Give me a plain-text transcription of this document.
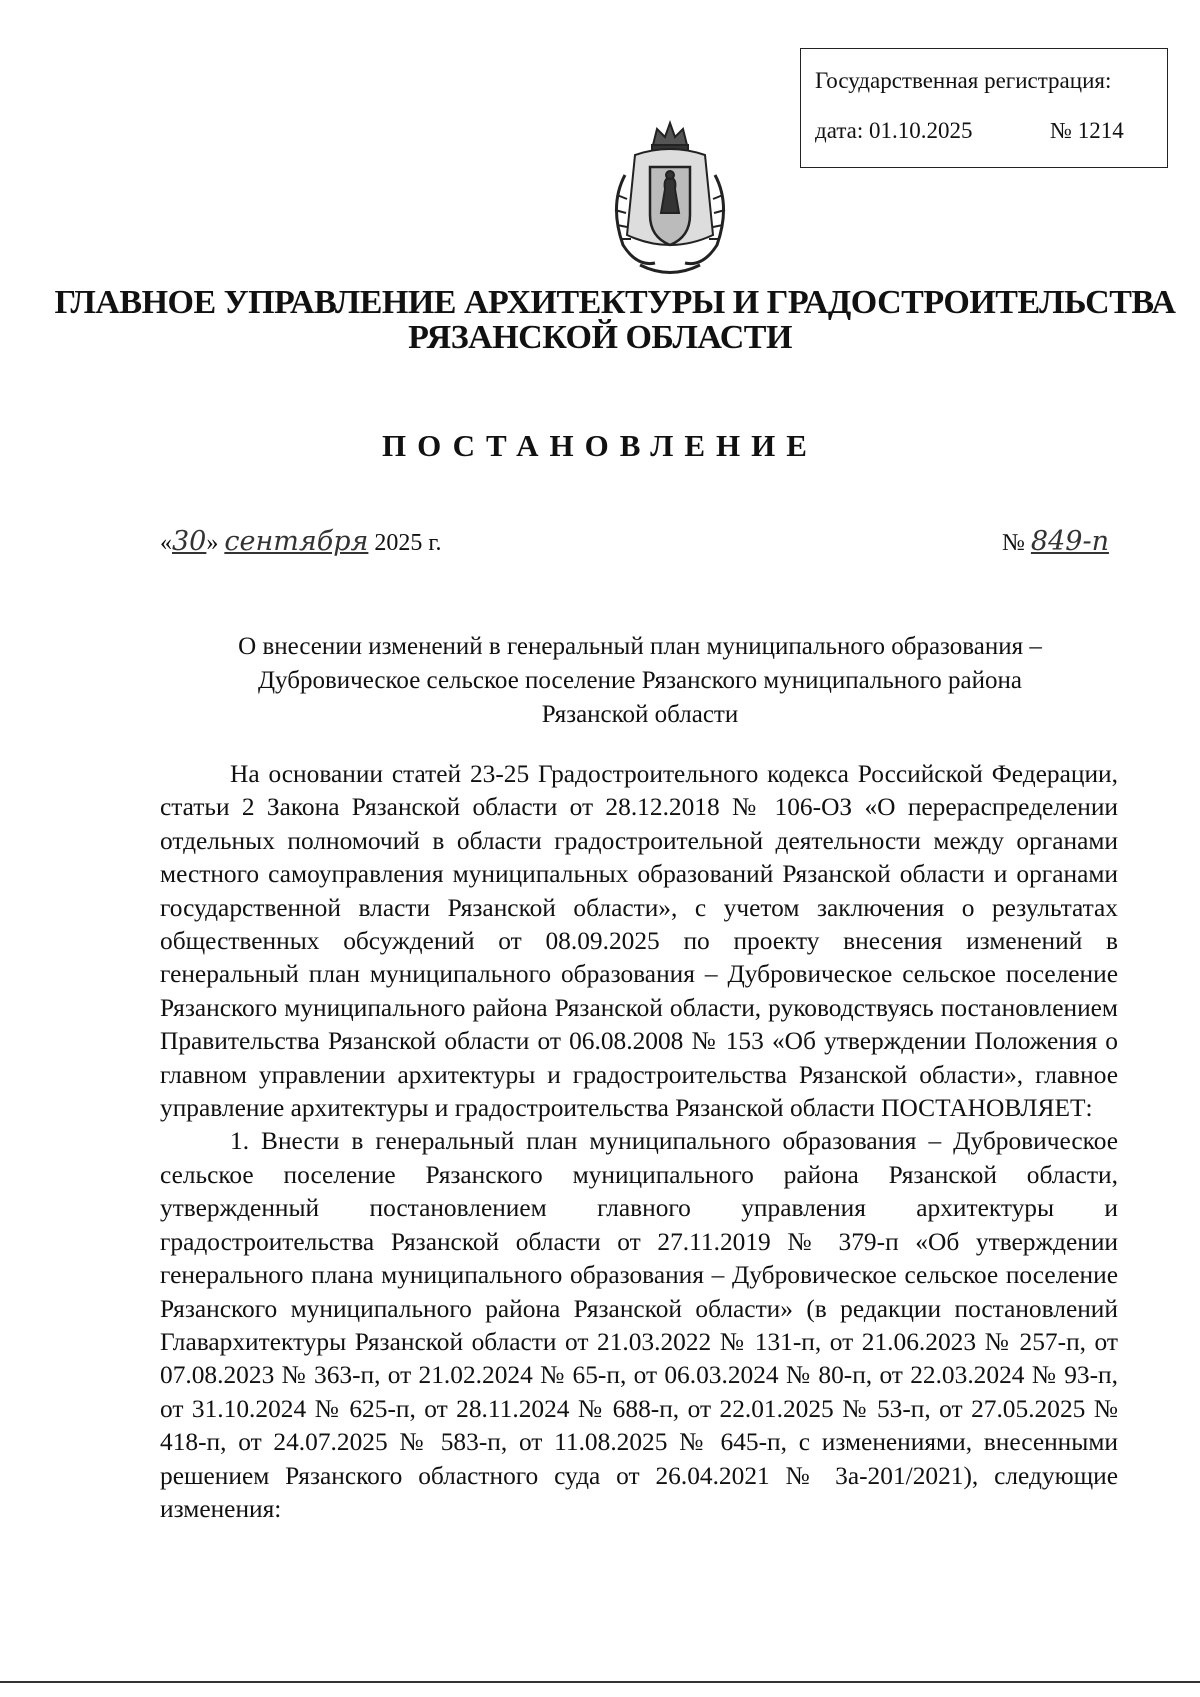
Государственная регистрация:
дата: 01.10.2025	№ 1214
ГЛАВНОЕ УПРАВЛЕНИЕ АРХИТЕКТУРЫ И ГРАДОСТРОИТЕЛЬСТВА
РЯЗАНСКОЙ ОБЛАСТИ
ПОСТАНОВЛЕНИЕ
«30» сентября 2025 г.	№ 849-п
О внесении изменений в генеральный план муниципального образования –
Дубровическое сельское поселение Рязанского муниципального района
Рязанской области

На основании статей 23-25 Градостроительного кодекса Российской Федерации, статьи 2 Закона Рязанской области от 28.12.2018 № 106-ОЗ «О перераспределении отдельных полномочий в области градостроительной деятельности между органами местного самоуправления муниципальных образований Рязанской области и органами государственной власти Рязанской области», с учетом заключения о результатах общественных обсуждений от 08.09.2025 по проекту внесения изменений в генеральный план муниципального образования – Дубровическое сельское поселение Рязанского муниципального района Рязанской области, руководствуясь постановлением Правительства Рязанской области от 06.08.2008 № 153 «Об утверждении Положения о главном управлении архитектуры и градостроительства Рязанской области», главное управление архитектуры и градостроительства Рязанской области ПОСТАНОВЛЯЕТ:

1. Внести в генеральный план муниципального образования – Дубровическое сельское поселение Рязанского муниципального района Рязанской области, утвержденный постановлением главного управления архитектуры и градостроительства Рязанской области от 27.11.2019 № 379-п «Об утверждении генерального плана муниципального образования – Дубровическое сельское поселение Рязанского муниципального района Рязанской области» (в редакции постановлений Главархитектуры Рязанской области от 21.03.2022 № 131-п, от 21.06.2023 № 257-п, от 07.08.2023 № 363-п, от 21.02.2024 № 65-п, от 06.03.2024 № 80-п, от 22.03.2024 № 93-п, от 31.10.2024 № 625-п, от 28.11.2024 № 688-п, от 22.01.2025 № 53-п, от 27.05.2025 № 418-п, от 24.07.2025 № 583-п, от 11.08.2025 № 645-п, с изменениями, внесенными решением Рязанского областного суда от 26.04.2021 № 3а-201/2021), следующие изменения:
